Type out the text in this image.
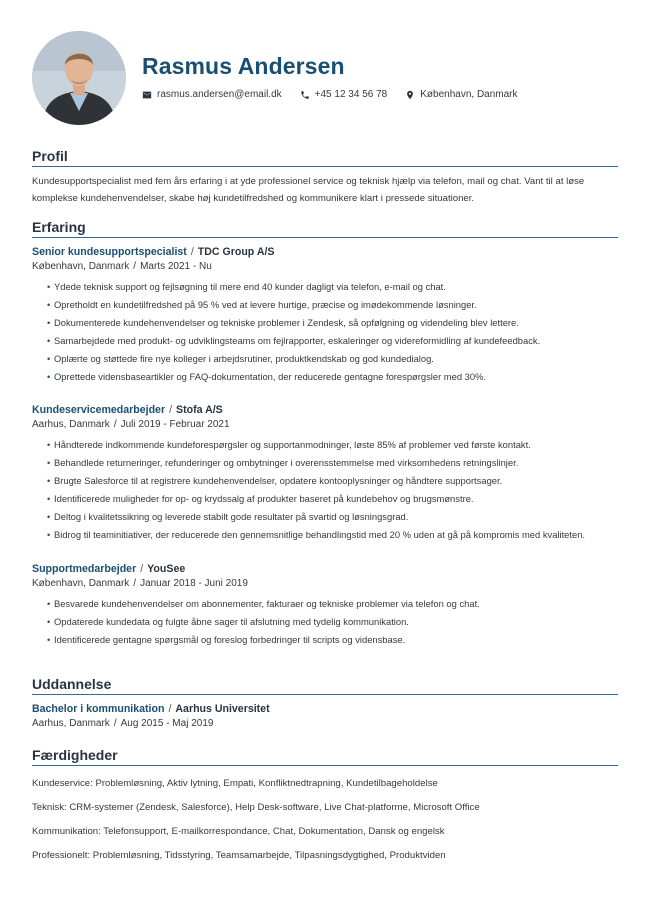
Rasmus Andersen
rasmus.andersen@email.dk	+45 12 34 56 78	København, Danmark
Profil

Kundesupportspecialist med fem års erfaring i at yde professionel service og teknisk hjælp via telefon, mail og chat. Vant til at løse komplekse kundehenvendelser, skabe høj kundetilfredshed og kommunikere klart i pressede situationer.

Erfaring
Senior kundesupportspecialist / TDC Group A/S
København, Danmark / Marts 2021 - Nu
• Ydede teknisk support og fejlsøgning til mere end 40 kunder dagligt via telefon, e-mail og chat.
• Opretholdt en kundetilfredshed på 95 % ved at levere hurtige, præcise og imødekommende løsninger.
• Dokumenterede kundehenvendelser og tekniske problemer i Zendesk, så opfølgning og videndeling blev lettere.
• Samarbejdede med produkt- og udviklingsteams om fejlrapporter, eskaleringer og videreformidling af kundefeedback.
• Oplærte og støttede fire nye kolleger i arbejdsrutiner, produktkendskab og god kundedialog.
• Oprettede vidensbaseartikler og FAQ-dokumentation, der reducerede gentagne forespørgsler med 30%.
Kundeservicemedarbejder / Stofa A/S
Aarhus, Danmark / Juli 2019 - Februar 2021
• Håndterede indkommende kundeforespørgsler og supportanmodninger, løste 85% af problemer ved første kontakt.
• Behandlede returneringer, refunderinger og ombytninger i overensstemmelse med virksomhedens retningslinjer.
• Brugte Salesforce til at registrere kundehenvendelser, opdatere kontooplysninger og håndtere supportsager.
• Identificerede muligheder for op- og krydssalg af produkter baseret på kundebehov og brugsmønstre.
• Deltog i kvalitetssikring og leverede stabilt gode resultater på svartid og løsningsgrad.
• Bidrog til teaminitiativer, der reducerede den gennemsnitlige behandlingstid med 20 % uden at gå på kompromis med kvaliteten.
Supportmedarbejder / YouSee
København, Danmark / Januar 2018 - Juni 2019
• Besvarede kundehenvendelser om abonnementer, fakturaer og tekniske problemer via telefon og chat.
• Opdaterede kundedata og fulgte åbne sager til afslutning med tydelig kommunikation.
• Identificerede gentagne spørgsmål og foreslog forbedringer til scripts og vidensbase.
Uddannelse
Bachelor i kommunikation / Aarhus Universitet
Aarhus, Danmark / Aug 2015 - Maj 2019
Færdigheder
Kundeservice: Problemløsning, Aktiv lytning, Empati, Konfliktnedtrapning, Kundetilbageholdelse
Teknisk: CRM-systemer (Zendesk, Salesforce), Help Desk-software, Live Chat-platforme, Microsoft Office
Kommunikation: Telefonsupport, E-mailkorrespondance, Chat, Dokumentation, Dansk og engelsk
Professionelt: Problemløsning, Tidsstyring, Teamsamarbejde, Tilpasningsdygtighed, Produktviden
